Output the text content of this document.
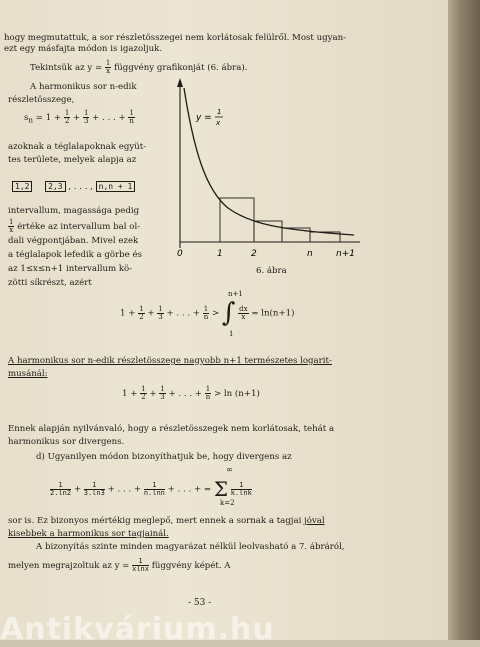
hogy megmutattuk, a sor részletösszegei nem korlátosak felülről. Most ugyan-
ezt egy másfajta módon is igazoljuk.
Tekintsük az $y = \frac{1}{x}$ függvény grafikonját (6. ábra).
A harmonikus sor n-edik
részletösszege,
$s_n = 1 + \frac{1}{2} + \frac{1}{3}$ + . . . + $\frac{1}{n}$
azoknak a téglalapoknak együt-
tes területe, melyek alapja az
1,2 2,3 , . . . , n,n + 1
intervallum, magassága pedig
$\frac{1}{x}$ értéke az intervallum bal ol-
dali végpontjában. Mivel ezek
a téglalapok lefedik a görbe és
az 1≤x≤n+1 intervallum kö-
zötti síkrészt, azért
y =
1
x
0	1	2	n	n+1
6. ábra
$1 + \frac{1}{2} + \frac{1}{3}$ + . . . + $\frac{1}{n}$ > ∫ $\frac{dx}{x} = \ln(n+1)$
n+1
1
A harmonikus sor n-edik részletösszege nagyobb n+1 természetes logarit-
musánál:
$1 + \frac{1}{2} + \frac{1}{3}$ + . . . + $\frac{1}{n} > \ln (n+1)$
Ennek alapján nyilvánvaló, hogy a részletösszegek nem korlátosak, tehát a
harmonikus sor divergens.
d) Ugyanilyen módon bizonyíthatjuk be, hogy divergens az
$\frac{1}{2.\ln 2} + \frac{1}{3.\ln 3}$ + . . . + $\frac{1}{n.\ln n}$ + . . . + = Σ $\frac{1}{k.\ln k}$
∞
k=2
sor is. Ez bizonyos mértékig meglepő, mert ennek a sornak a tagjai jóval
kisebbek a harmonikus sor tagjainál.
A bizonyítás szinte minden magyarázat nélkül leolvasható a 7. ábráról,
melyen megrajzoltuk az $y = \frac{1}{xlnx}$ függvény képét. A
- 53 -
Antikvárium.hu
